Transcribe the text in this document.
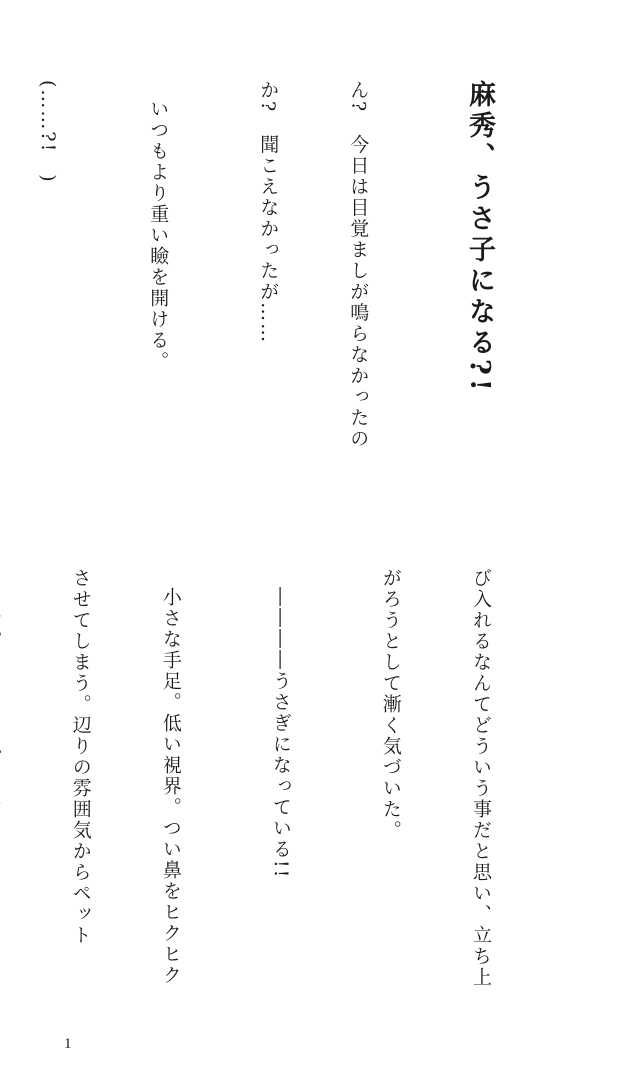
麻秀、うさ子になる?!

ん?　今日は目覚ましが鳴らなかったの

か?　聞こえなかったが……

いつもより重い瞼を開ける。

(……?!　)

び入れるなんてどういう事だと思い、立ち上

がろうとして漸く気づいた。

――――うさぎになっている!!

小さな手足。低い視界。つい鼻をヒクヒク

させてしまう。辺りの雰囲気からペット

1
